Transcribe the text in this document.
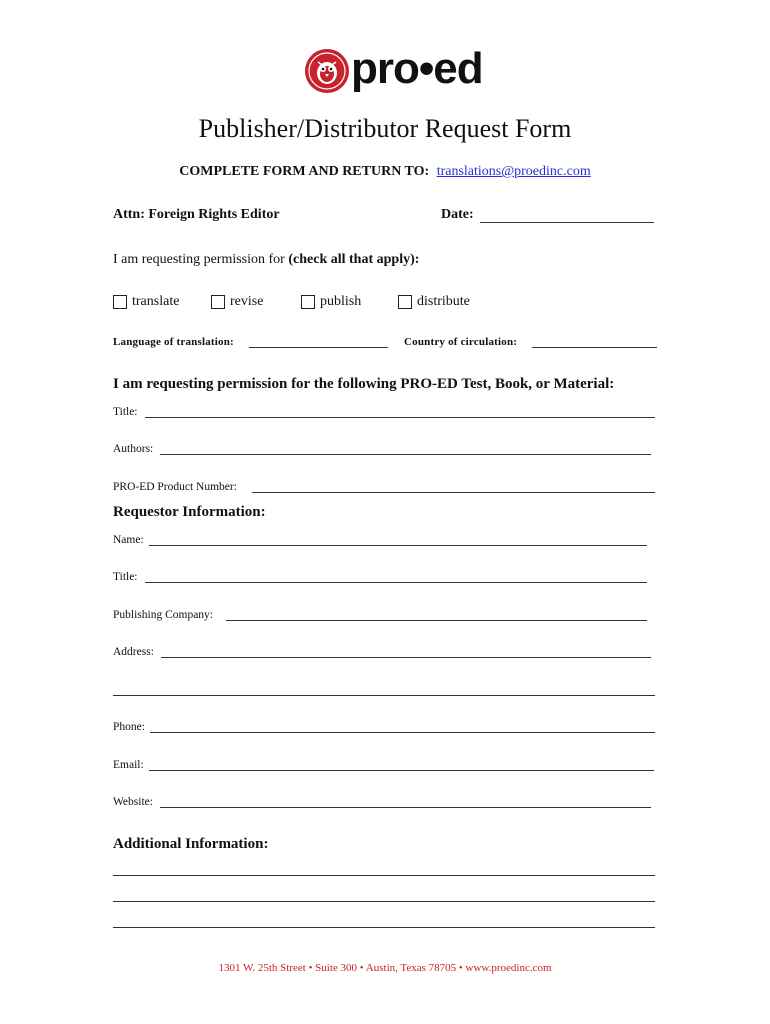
pro•ed
Publisher/Distributor Request Form
COMPLETE FORM AND RETURN TO: translations@proedinc.com
Attn: Foreign Rights Editor	Date:
I am requesting permission for (check all that apply):
translate	revise	publish	distribute
Language of translation:	Country of circulation:
I am requesting permission for the following PRO-ED Test, Book, or Material:
Title:
Authors:
PRO-ED Product Number:
Requestor Information:
Name:
Title:
Publishing Company:
Address:
Phone:
Email:
Website:
Additional Information:
1301 W. 25th Street • Suite 300 • Austin, Texas 78705 • www.proedinc.com
